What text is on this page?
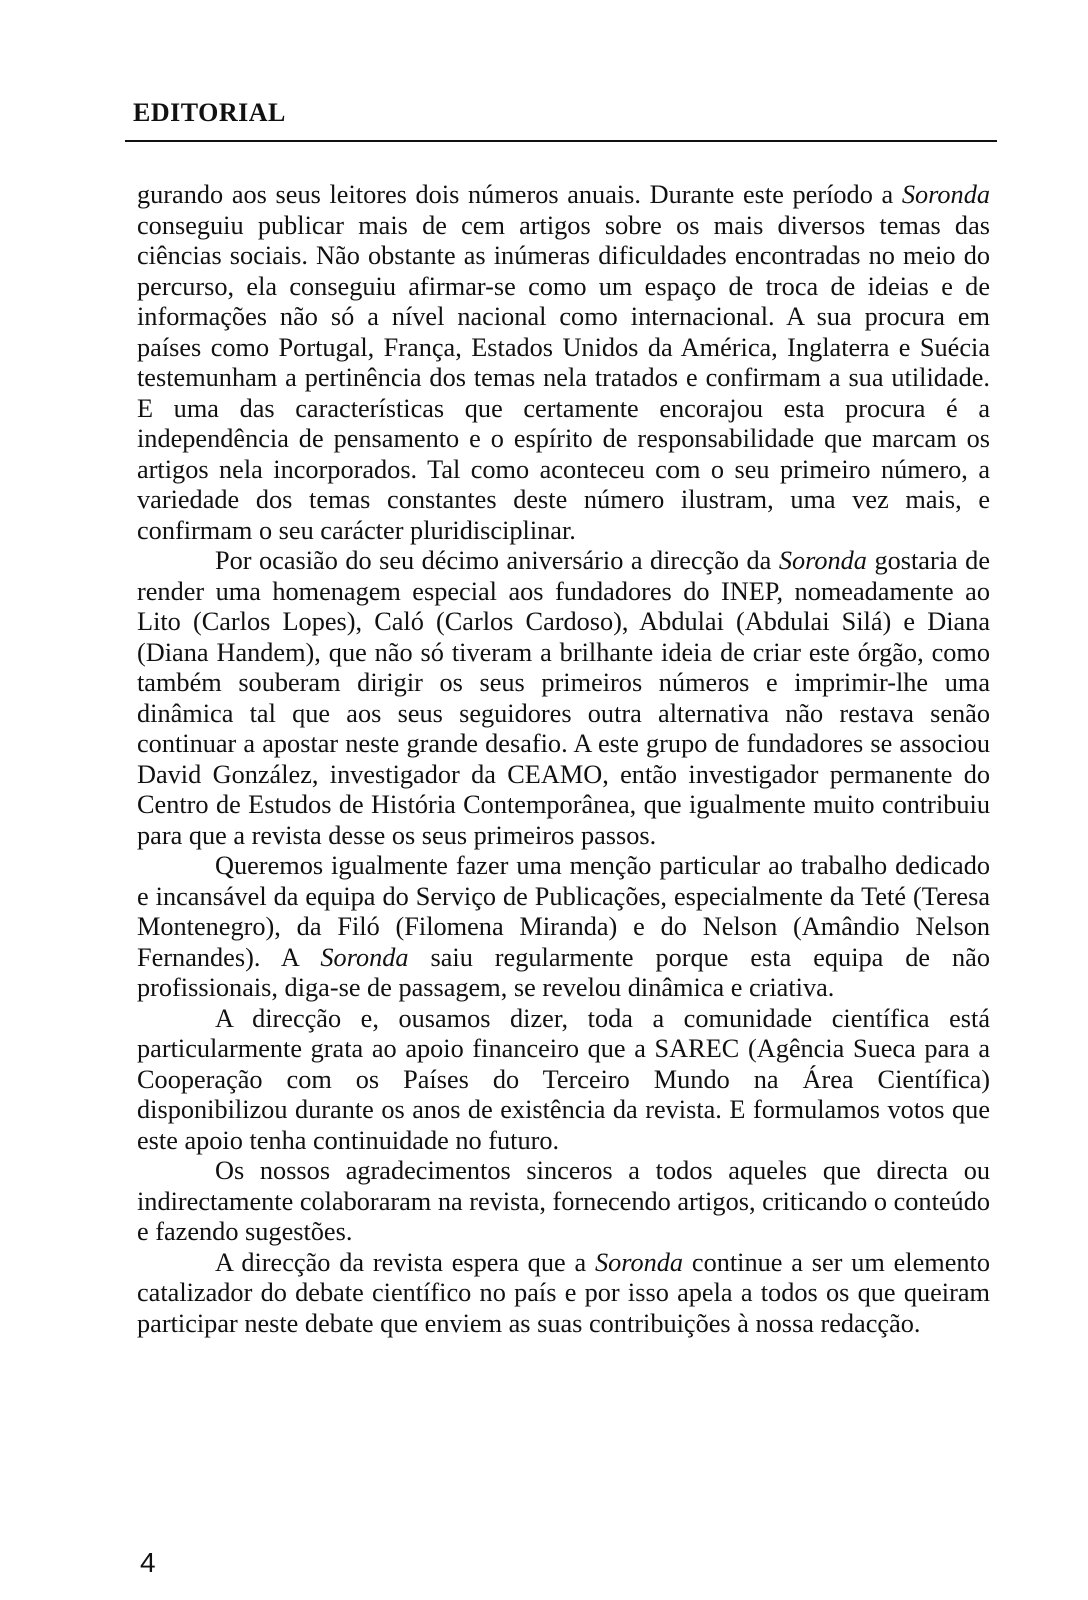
EDITORIAL

gurando aos seus leitores dois números anuais. Durante este período a Soronda conseguiu publicar mais de cem artigos sobre os mais diversos temas das ciências sociais. Não obstante as inúmeras dificuldades encontradas no meio do percurso, ela conseguiu afirmar-se como um espaço de troca de ideias e de informações não só a nível nacional como internacional. A sua procura em países como Portugal, França, Estados Unidos da América, Inglaterra e Suécia testemunham a pertinência dos temas nela tratados e confirmam a sua utilidade. E uma das características que certamente encorajou esta procura é a independência de pensamento e o espírito de responsabilidade que marcam os artigos nela incorporados. Tal como aconteceu com o seu primeiro número, a variedade dos temas constantes deste número ilustram, uma vez mais, e confirmam o seu carácter pluridisciplinar.

Por ocasião do seu décimo aniversário a direcção da Soronda gostaria de render uma homenagem especial aos fundadores do INEP, nomeadamente ao Lito (Carlos Lopes), Caló (Carlos Cardoso), Abdulai (Abdulai Silá) e Diana (Diana Handem), que não só tiveram a brilhante ideia de criar este órgão, como também souberam dirigir os seus primeiros números e imprimir-lhe uma dinâmica tal que aos seus seguidores outra alternativa não restava senão continuar a apostar neste grande desafio. A este grupo de fundadores se associou David González, investigador da CEAMO, então investigador permanente do Centro de Estudos de História Contemporânea, que igualmente muito contribuiu para que a revista desse os seus primeiros passos.

Queremos igualmente fazer uma menção particular ao trabalho dedicado e incansável da equipa do Serviço de Publicações, especialmente da Teté (Teresa Montenegro), da Filó (Filomena Miranda) e do Nelson (Amândio Nelson Fernandes). A Soronda saiu regularmente porque esta equipa de não profissionais, diga-se de passagem, se revelou dinâmica e criativa.

A direcção e, ousamos dizer, toda a comunidade científica está particularmente grata ao apoio financeiro que a SAREC (Agência Sueca para a Cooperação com os Países do Terceiro Mundo na Área Científica) disponibilizou durante os anos de existência da revista. E formulamos votos que este apoio tenha continuidade no futuro.

Os nossos agradecimentos sinceros a todos aqueles que directa ou indirectamente colaboraram na revista, fornecendo artigos, criticando o conteúdo e fazendo sugestões.

A direcção da revista espera que a Soronda continue a ser um elemento catalizador do debate científico no país e por isso apela a todos os que queiram participar neste debate que enviem as suas contribuições à nossa redacção.

4
